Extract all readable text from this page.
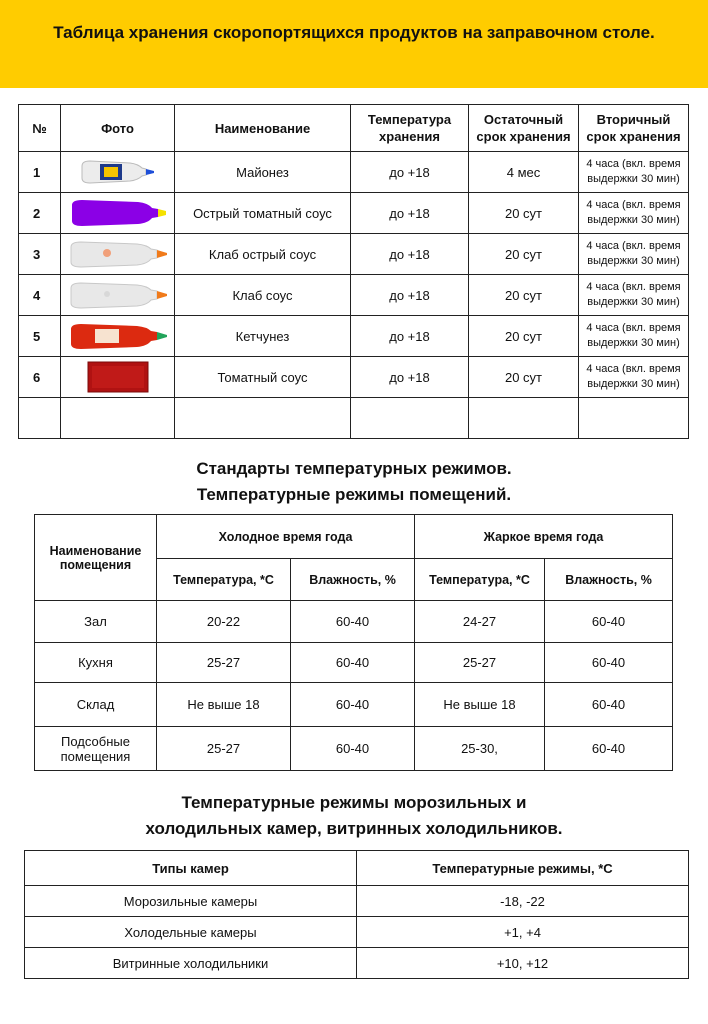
Таблица хранения скоропортящихся продуктов на заправочном столе.
№	Фото	Наименование	Температура хранения	Остаточный срок хранения	Вторичный срок хранения
1		Майонез	до +18	4 мес	4 часа (вкл. время выдержки 30 мин)
2		Острый томатный соус	до +18	20 сут	4 часа (вкл. время выдержки 30 мин)
3		Клаб острый соус	до +18	20 сут	4 часа (вкл. время выдержки 30 мин)
4		Клаб соус	до +18	20 сут	4 часа (вкл. время выдержки 30 мин)
5		Кетчунез	до +18	20 сут	4 часа (вкл. время выдержки 30 мин)
6		Томатный соус	до +18	20 сут	4 часа (вкл. время выдержки 30 мин)

Стандарты температурных режимов.
Температурные режимы помещений.
Наименование помещения	Холодное время года		Жаркое время года	
	Температура, *С	Влажность, %	Температура, *С	Влажность, %
Зал	20-22	60-40	24-27	60-40
Кухня	25-27	60-40	25-27	60-40
Склад	Не выше 18	60-40	Не выше 18	60-40
Подсобные помещения	25-27	60-40	25-30,	60-40
Температурные режимы морозильных и
холодильных камер, витринных холодильников.
Типы камер	Температурные режимы, *С
Морозильные камеры	-18, -22
Холодельные камеры	+1, +4
Витринные холодильники	+10, +12
